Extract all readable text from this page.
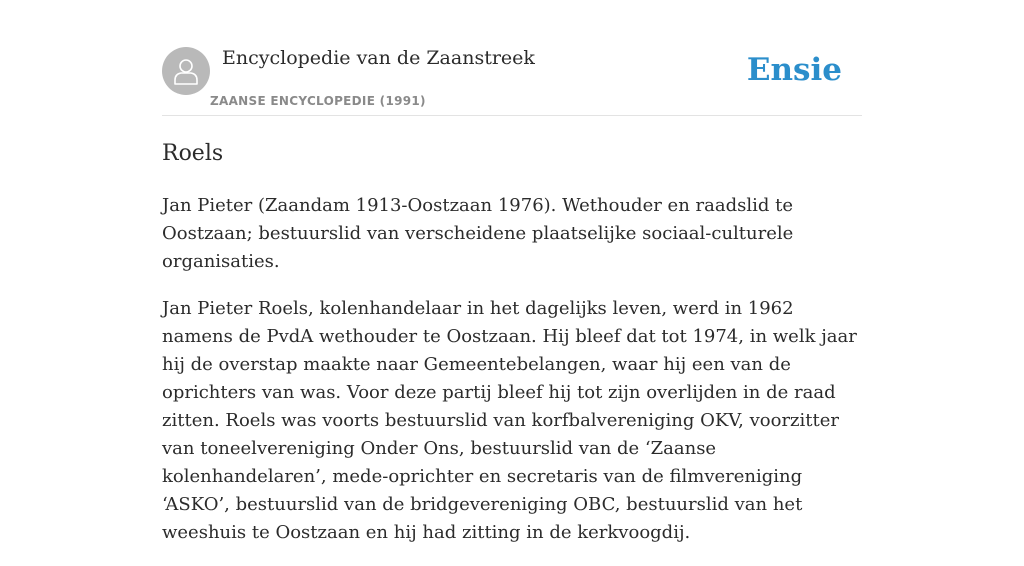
Encyclopedie van de Zaanstreek
ZAANSE ENCYCLOPEDIE (1991)
Ensie
Roels

Jan Pieter (Zaandam 1913-Oostzaan 1976). Wethouder en raadslid te Oostzaan; bestuurslid van verscheidene plaatselijke sociaal-culturele organisaties.

Jan Pieter Roels, kolenhandelaar in het dagelijks leven, werd in 1962 namens de PvdA wethouder te Oostzaan. Hij bleef dat tot 1974, in welk jaar hij de overstap maakte naar Gemeentebelangen, waar hij een van de oprichters van was. Voor deze partij bleef hij tot zijn overlijden in de raad zitten. Roels was voorts bestuurslid van korfbalvereniging OKV, voorzitter van toneelvereniging Onder Ons, bestuurslid van de ‘Zaanse kolenhandelaren’, mede-oprichter en secretaris van de filmvereniging ‘ASKO’, bestuurslid van de bridgevereniging OBC, bestuurslid van het weeshuis te Oostzaan en hij had zitting in de kerkvoogdij.
